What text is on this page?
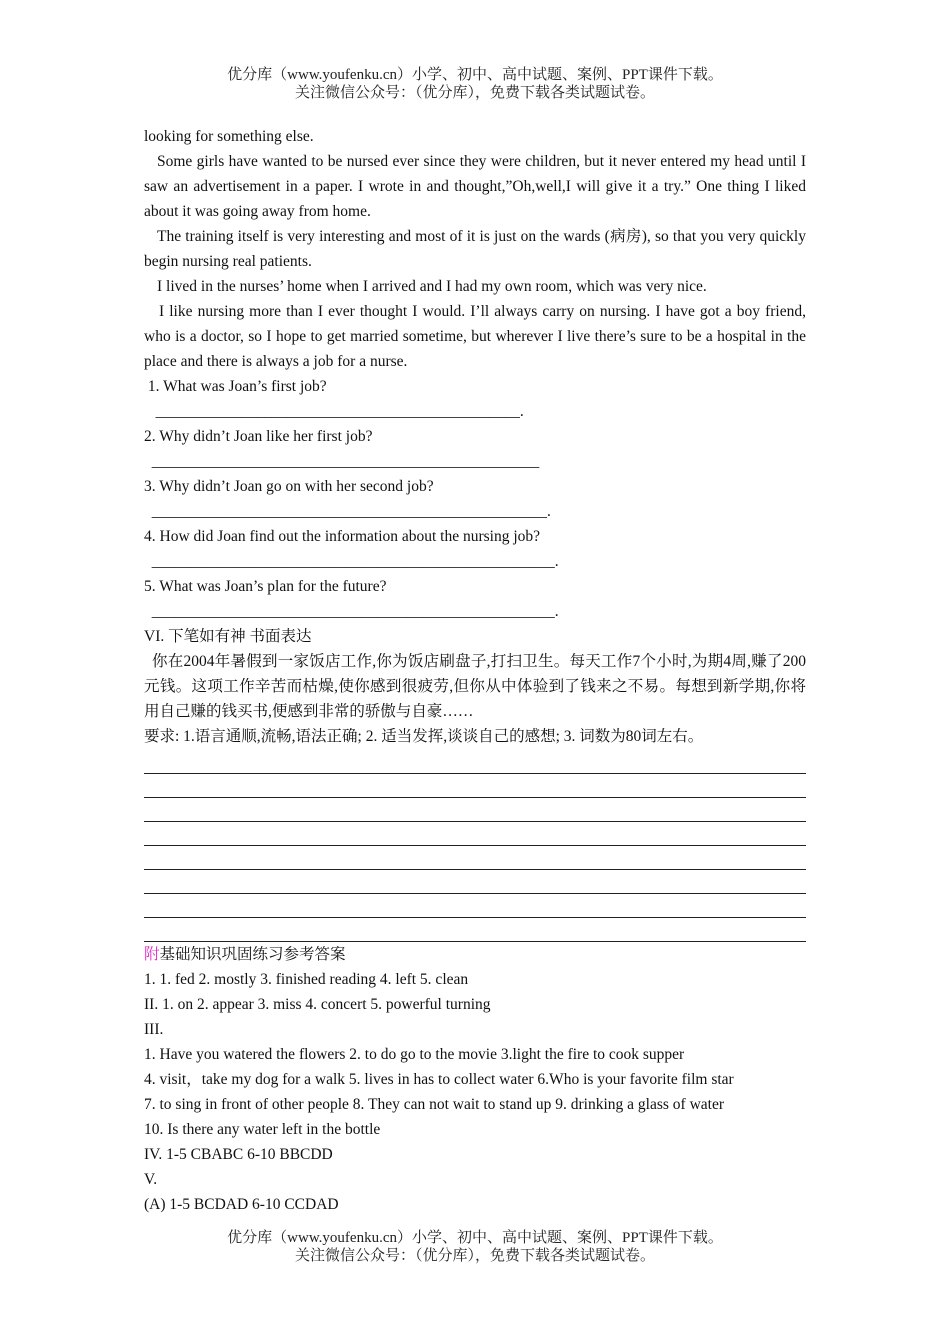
优分库（www.youfenku.cn）小学、初中、高中试题、案例、PPT课件下载。
关注微信公众号：（优分库），免费下载各类试题试卷。

looking for something else.

Some girls have wanted to be nursed ever since they were children, but it never entered my head until I saw an advertisement in a paper. I wrote in and thought,”Oh,well,I will give it a try.” One thing I liked about it was going away from home.

The training itself is very interesting and most of it is just on the wards (病房), so that you very quickly begin nursing real patients.

I lived in the nurses’ home when I arrived and I had my own room, which was very nice.

I like nursing more than I ever thought I would. I’ll always carry on nursing. I have got a boy friend, who is a doctor, so I hope to get married sometime, but wherever I live there’s sure to be a hospital in the place and there is always a job for a nurse.

1. What was Joan’s first job?

_______________________________________________.

2. Why didn’t Joan like her first job?

__________________________________________________

3. Why didn’t Joan go on with her second job?

___________________________________________________.

4. How did Joan find out the information about the nursing job?

____________________________________________________.

5. What was Joan’s plan for the future?

____________________________________________________.

VI. 下笔如有神 书面表达

你在2004年暑假到一家饭店工作,你为饭店刷盘子,打扫卫生。每天工作7个小时,为期4周,赚了200元钱。这项工作辛苦而枯燥,使你感到很疲劳,但你从中体验到了钱来之不易。每想到新学期,你将用自己赚的钱买书,便感到非常的骄傲与自豪……

要求: 1.语言通顺,流畅,语法正确; 2. 适当发挥,谈谈自己的感想; 3. 词数为80词左右。

附基础知识巩固练习参考答案

1. 1. fed 2. mostly 3. finished reading 4. left 5. clean

II. 1. on 2. appear 3. miss 4. concert 5. powerful turning

III.

1. Have you watered the flowers 2. to do go to the movie 3.light the fire to cook supper

4. visit，take my dog for a walk 5. lives in has to collect water 6.Who is your favorite film star

7. to sing in front of other people 8. They can not wait to stand up 9. drinking a glass of water

10. Is there any water left in the bottle

IV. 1-5 CBABC 6-10 BBCDD

V.

(A) 1-5 BCDAD 6-10 CCDAD

优分库（www.youfenku.cn）小学、初中、高中试题、案例、PPT课件下载。
关注微信公众号：（优分库），免费下载各类试题试卷。
